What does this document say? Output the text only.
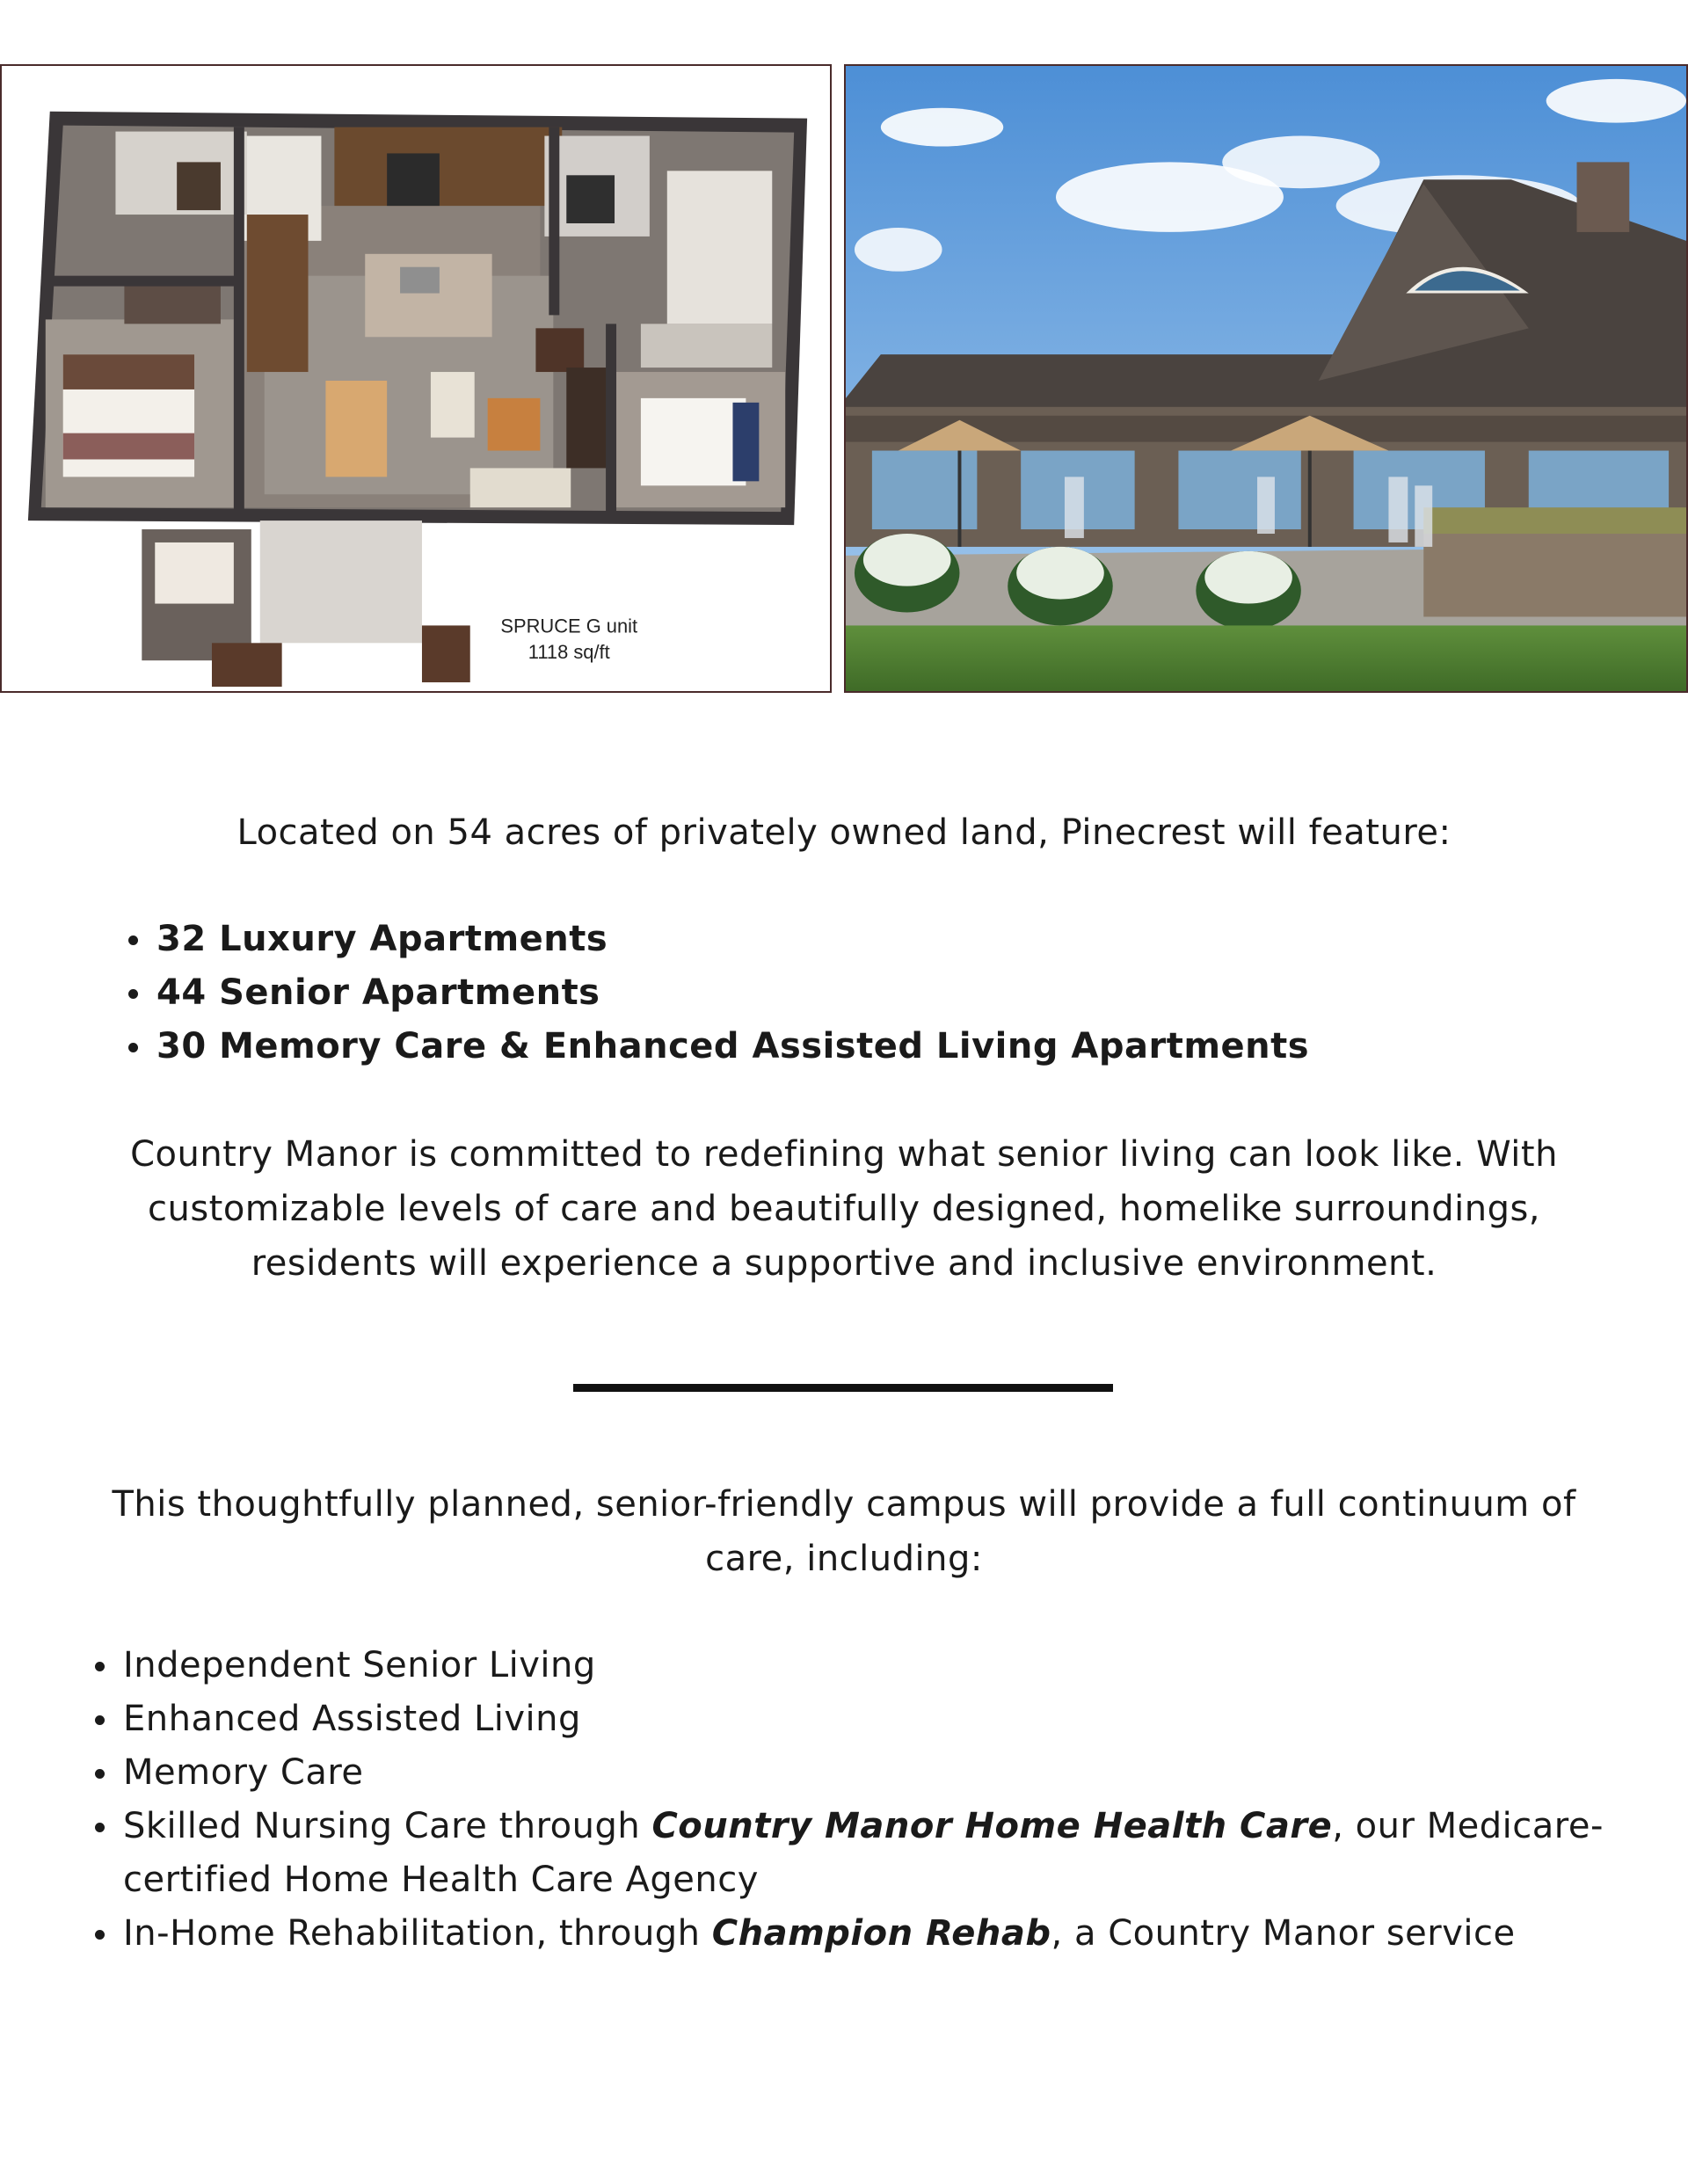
SPRUCE G unit
1118 sq/ft

Located on 54 acres of privately owned land, Pinecrest will feature:

32 Luxury Apartments
44 Senior Apartments
30 Memory Care & Enhanced Assisted Living Apartments

Country Manor is committed to redefining what senior living can look like. With customizable levels of care and beautifully designed, homelike surroundings, residents will experience a supportive and inclusive environment.

This thoughtfully planned, senior-friendly campus will provide a full continuum of care, including:

Independent Senior Living
Enhanced Assisted Living
Memory Care
Skilled Nursing Care through Country Manor Home Health Care, our Medicare-certified Home Health Care Agency
In-Home Rehabilitation, through Champion Rehab, a Country Manor service
